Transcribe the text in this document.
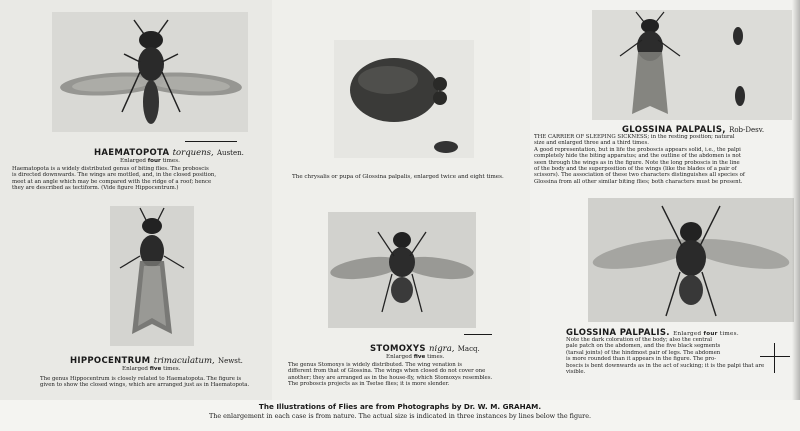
HAEMATOPOTA torquens, Austen.
Enlarged four times.
Haematopota is a widely distributed genus of biting flies. The proboscis
is directed downwards. The wings are mottled, and, in the closed position,
meet at an angle which may be compared with the ridge of a roof; hence
they are described as tectiform. (Vide figure Hippocentrum.)
HIPPOCENTRUM trimaculatum, Newst.
Enlarged five times.
The genus Hippocentrum is closely related to Haematopota. The figure is
given to show the closed wings, which are arranged just as in Haematopota.
The chrysalis or pupa of Glossina palpalis, enlarged twice and eight times.
STOMOXYS nigra, Macq.
Enlarged five times.
The genus Stomoxys is widely distributed. The wing venation is
different from that of Glossina. The wings when closed do not cover one
another; they are arranged as in the house-fly, which Stomoxys resembles.
The proboscis projects as in Tsetse flies; it is more slender.
GLOSSINA PALPALIS, Rob-Desv.
THE CARRIER OF SLEEPING SICKNESS; in the resting position; natural
size and enlarged three and a third times.
A good representation, but in life the proboscis appears solid, i.e., the palpi
completely hide the biting apparatus; and the outline of the abdomen is not
seen through the wings as in the figure. Note the long proboscis in the line
of the body and the superposition of the wings (like the blades of a pair of
scissors). The association of these two characters distinguishes all species of
Glossina from all other similar biting flies; both characters must be present.
GLOSSINA PALPALIS. Enlarged four times.
Note the dark coloration of the body; also the central
pale patch on the abdomen, and the five black segments
(tarsal joints) of the hindmost pair of legs. The abdomen
is more rounded than it appears in the figure. The pro-
boscis is bent downwards as in the act of sucking; it is the palpi that are
visible.
The Illustrations of Flies are from Photographs by Dr. W. M. GRAHAM.
The enlargement in each case is from nature. The actual size is indicated in three instances by lines below the figure.
